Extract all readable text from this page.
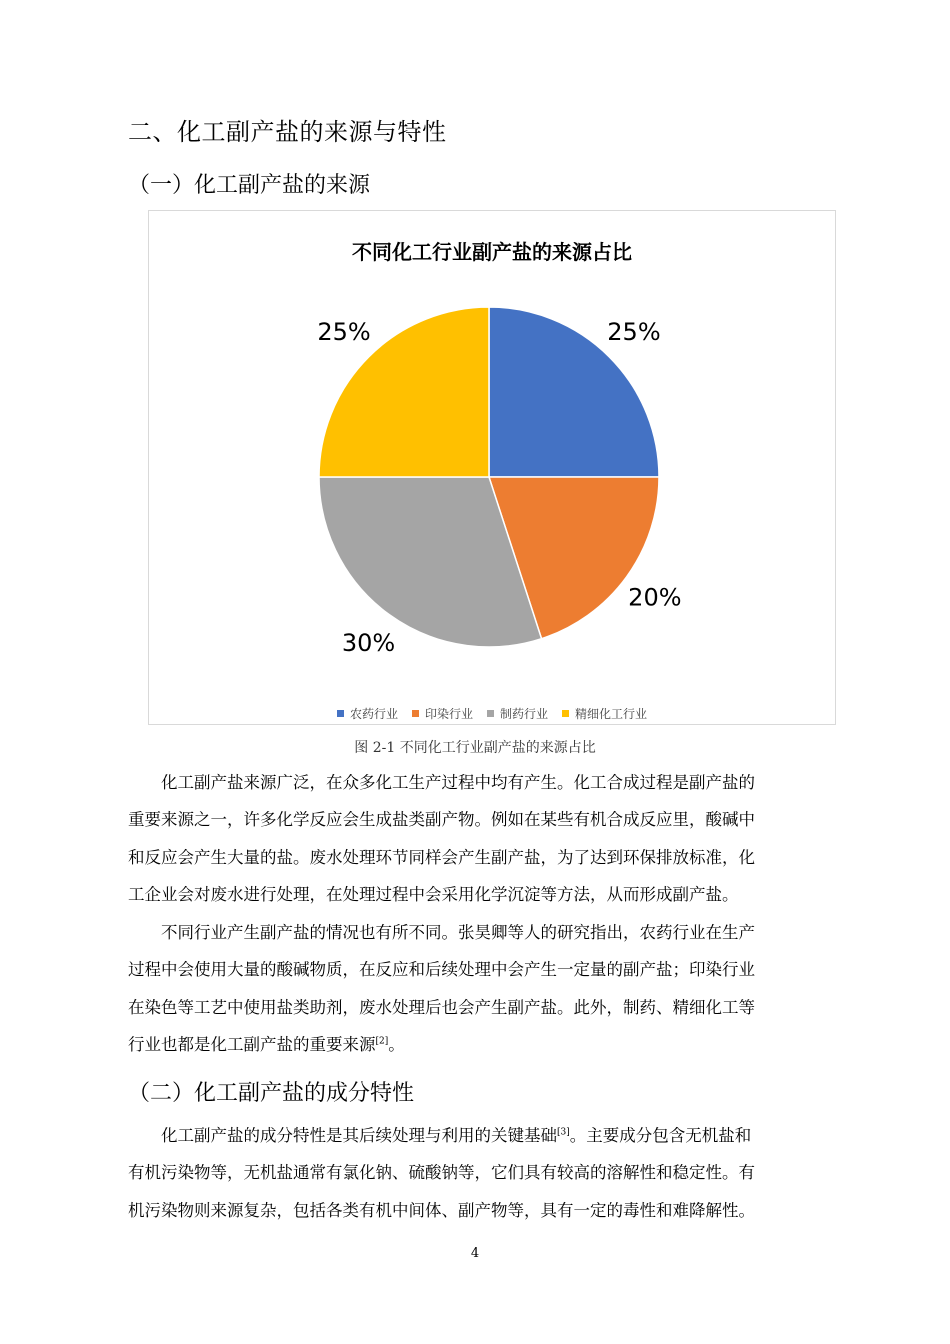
二、化工副产盐的来源与特性
（一）化工副产盐的来源
不同化工行业副产盐的来源占比
25%
20%
30%
25%
农药行业 印染行业 制药行业 精细化工行业
图 2-1 不同化工行业副产盐的来源占比
化工副产盐来源广泛，在众多化工生产过程中均有产生。化工合成过程是副产盐的
重要来源之一，许多化学反应会生成盐类副产物。例如在某些有机合成反应里，酸碱中
和反应会产生大量的盐。废水处理环节同样会产生副产盐，为了达到环保排放标准，化
工企业会对废水进行处理，在处理过程中会采用化学沉淀等方法，从而形成副产盐。
不同行业产生副产盐的情况也有所不同。张昊卿等人的研究指出，农药行业在生产
过程中会使用大量的酸碱物质，在反应和后续处理中会产生一定量的副产盐；印染行业
在染色等工艺中使用盐类助剂，废水处理后也会产生副产盐。此外，制药、精细化工等
行业也都是化工副产盐的重要来源[2]。
（二）化工副产盐的成分特性
化工副产盐的成分特性是其后续处理与利用的关键基础[3]。主要成分包含无机盐和
有机污染物等，无机盐通常有氯化钠、硫酸钠等，它们具有较高的溶解性和稳定性。有
机污染物则来源复杂，包括各类有机中间体、副产物等，具有一定的毒性和难降解性。
4
